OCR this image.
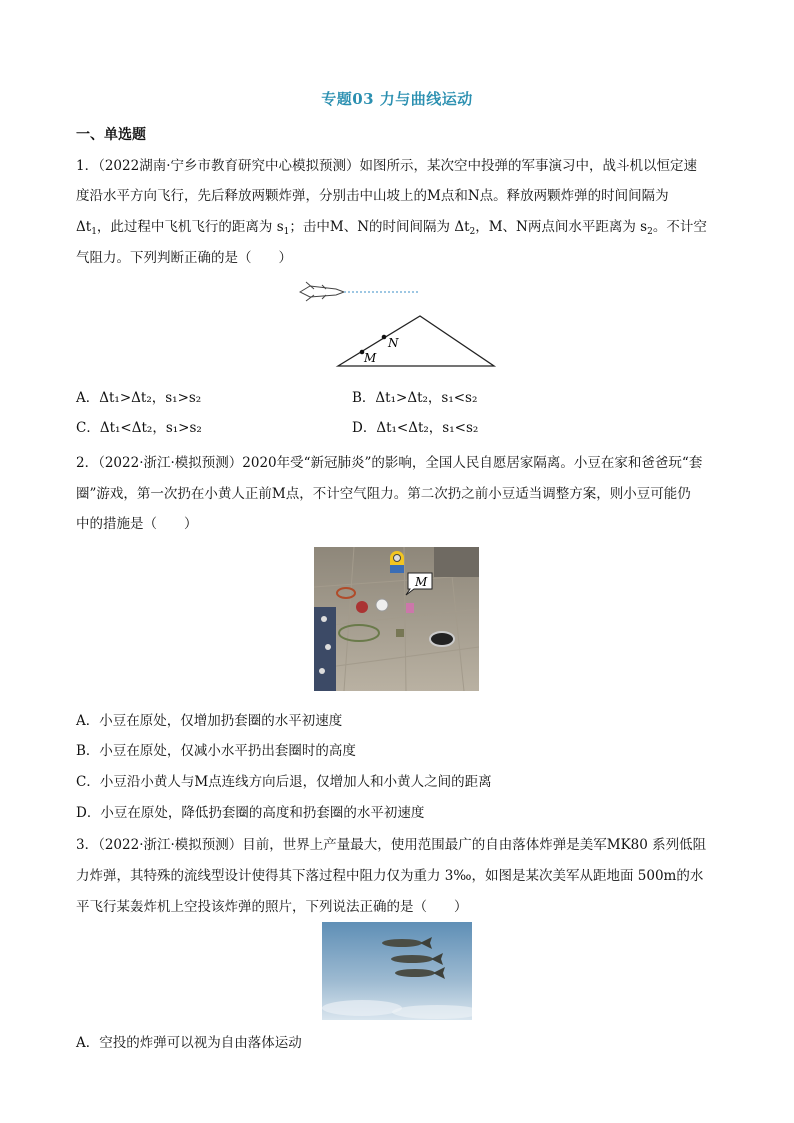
专题03 力与曲线运动
一、单选题
1．（2022湖南·宁乡市教育研究中心模拟预测）如图所示，某次空中投弹的军事演习中，战斗机以恒定速
度沿水平方向飞行，先后释放两颗炸弹，分别击中山坡上的M点和N点。释放两颗炸弹的时间间隔为
$\Delta t_1$，此过程中飞机飞行的距离为 $s_1$；击中M、N的时间间隔为 $\Delta t_2$，M、N两点间水平距离为 $s_2$。不计空
气阻力。下列判断正确的是（　　）
M
N
A．Δt₁>Δt₂，s₁>s₂	B．Δt₁>Δt₂，s₁<s₂
C．Δt₁<Δt₂，s₁>s₂	D．Δt₁<Δt₂，s₁<s₂
2．（2022·浙江·模拟预测）2020年受“新冠肺炎”的影响，全国人民自愿居家隔离。小豆在家和爸爸玩“套
圈”游戏，第一次扔在小黄人正前M点，不计空气阻力。第二次扔之前小豆适当调整方案，则小豆可能仍
中的措施是（　　）
M
A．小豆在原处，仅增加扔套圈的水平初速度
B．小豆在原处，仅减小水平扔出套圈时的高度
C．小豆沿小黄人与M点连线方向后退，仅增加人和小黄人之间的距离
D．小豆在原处，降低扔套圈的高度和扔套圈的水平初速度
3．（2022·浙江·模拟预测）目前，世界上产量最大，使用范围最广的自由落体炸弹是美军MK80 系列低阻
力炸弹，其特殊的流线型设计使得其下落过程中阻力仅为重力 3‰，如图是某次美军从距地面 500m的水
平飞行某轰炸机上空投该炸弹的照片，下列说法正确的是（　　）
A．空投的炸弹可以视为自由落体运动
